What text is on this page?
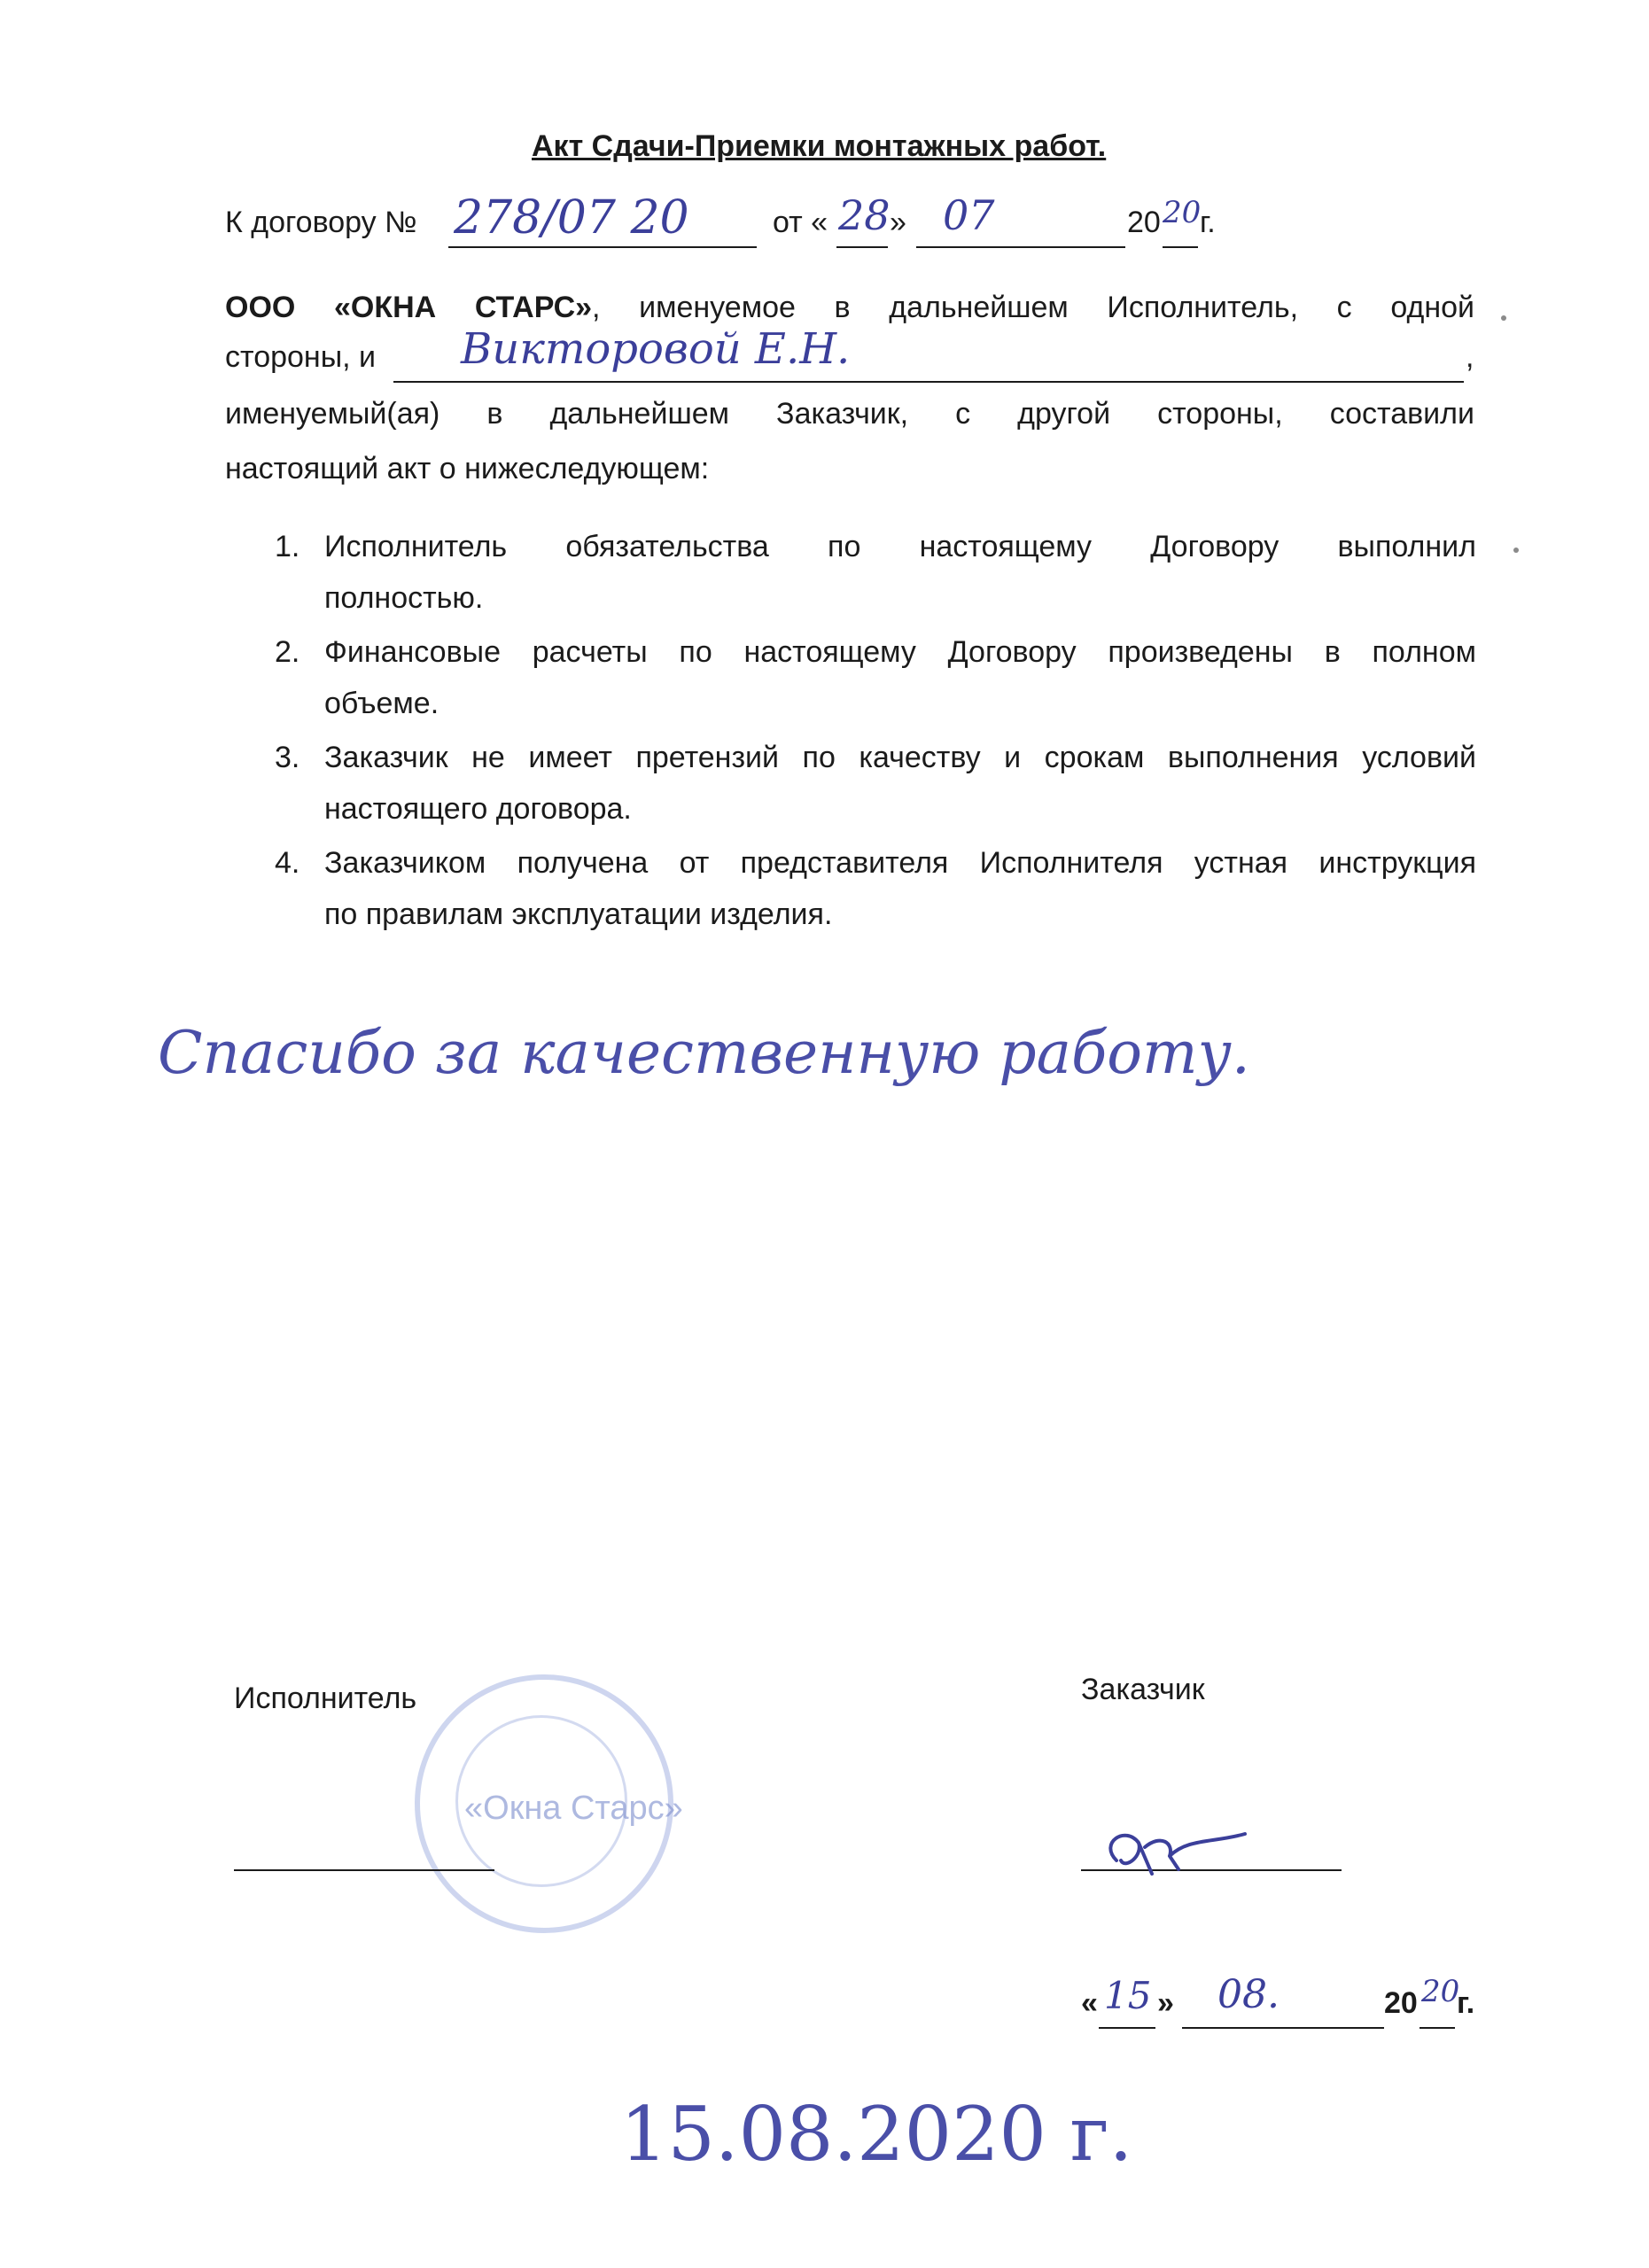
Акт Сдачи-Приемки монтажных работ.
К договору № 278/07 20	от « 28 » 07	20 20
г.
ООО «ОКНА СТАРС», именуемое в дальнейшем Исполнитель, с одной
стороны, и Викторовой Е.Н.	,
именуемый(ая) в дальнейшем Заказчик, с другой стороны, составили
настоящий акт о нижеследующем:
1. Исполнитель обязательства по настоящему Договору выполнил
полностью.
2. Финансовые расчеты по настоящему Договору произведены в полном
объеме.
3. Заказчик не имеет претензий по качеству и срокам выполнения условий
настоящего договора.
4. Заказчиком получена от представителя Исполнителя устная инструкция
по правилам эксплуатации изделия.
Спасибо за качественную работу.
Исполнитель	Заказчик
«Окна Старс»
« 15 » 08.	20 20
г.
15.08.2020 г.
